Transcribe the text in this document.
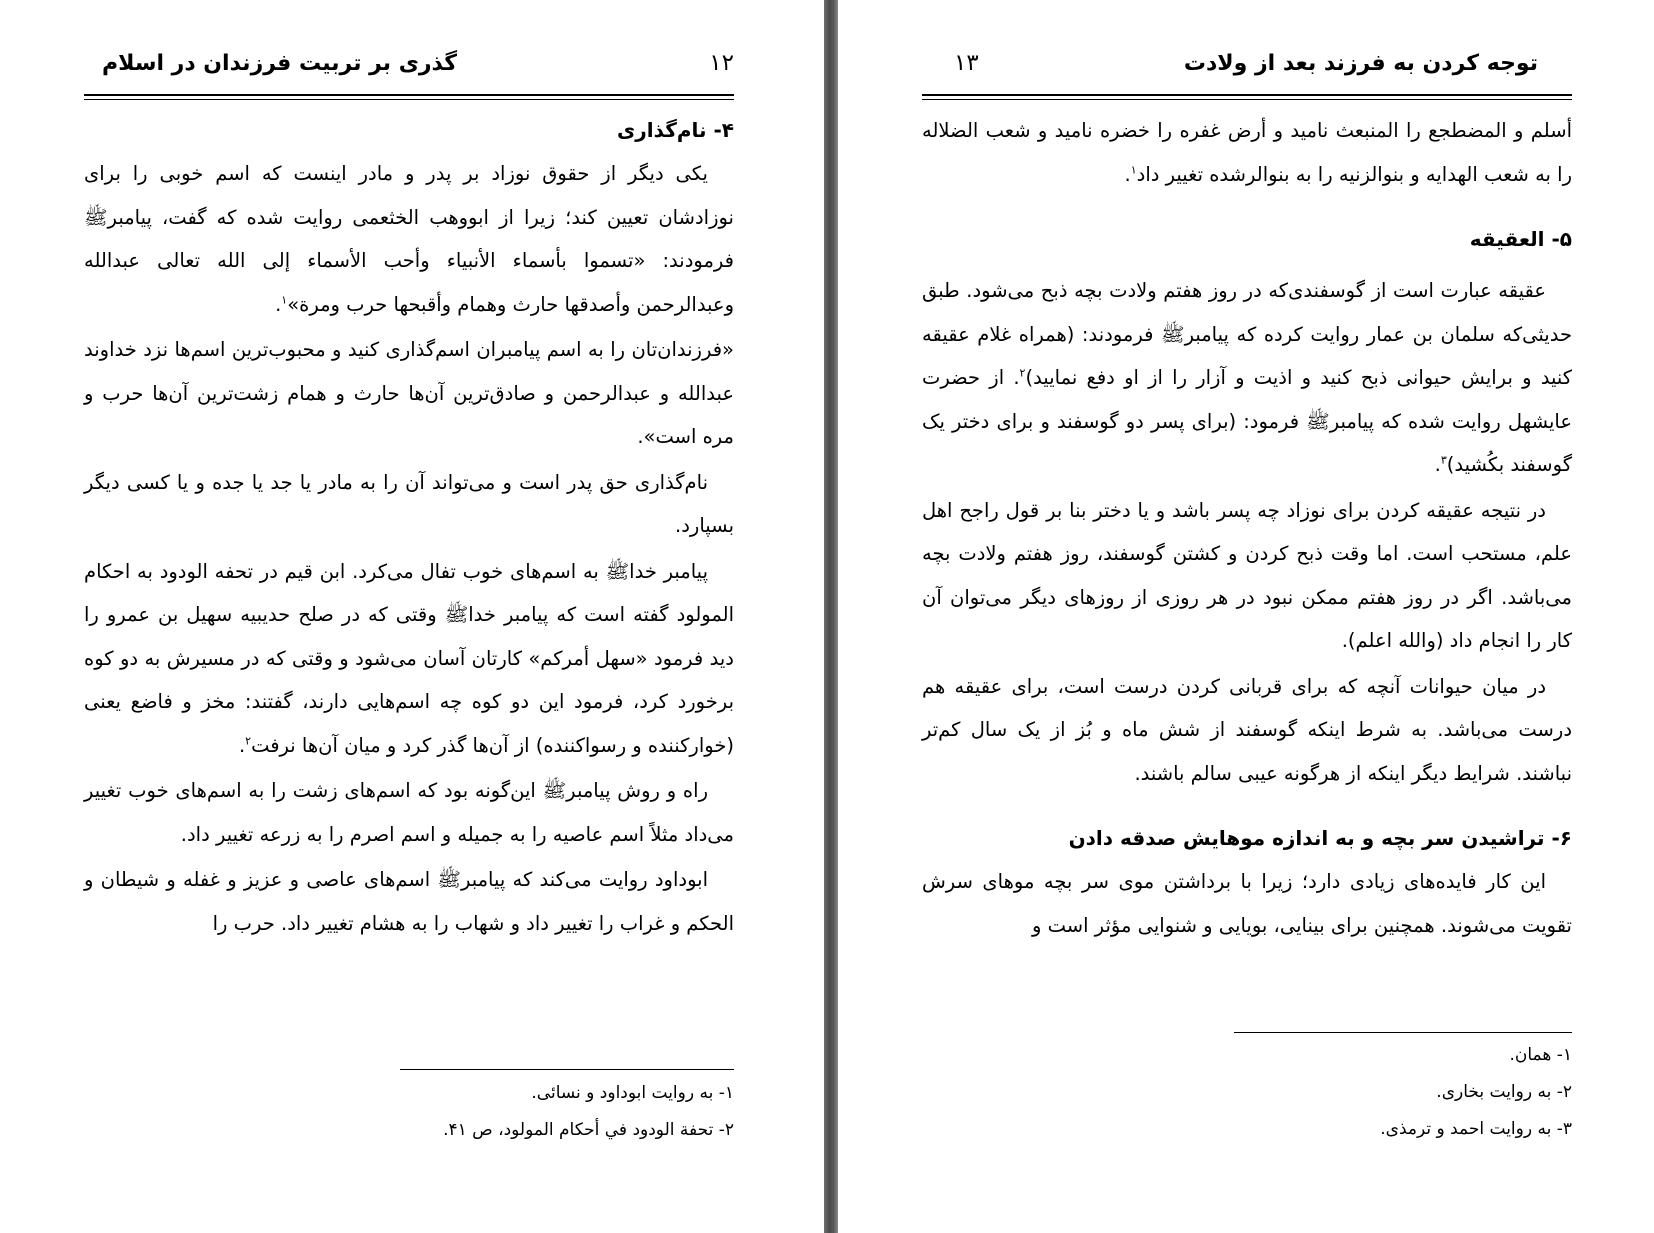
گذری بر تربیت فرزندان در اسلام	١٢
۴- نام‌گذاری

یکی دیگر از حقوق نوزاد بر پدر و مادر اینست که اسم خوبی را برای نوزادشان تعیین کند؛ زیرا از ابووهب الخثعمی روایت شده که گفت، پیامبرﷺ فرمودند: «تسموا بأسماء الأنبياء وأحب الأسماء إلى الله تعالى عبدالله وعبدالرحمن وأصدقها حارث وهمام وأقبحها حرب ومرة»$^١$.

«فرزندان‌تان را به اسم پیامبران اسم‌گذاری کنید و محبوب‌ترین اسم‌ها نزد خداوند عبدالله و عبدالرحمن و صادق‌ترین آن‌ها حارث و همام زشت‌ترین آن‌ها حرب و مره است».

نام‌گذاری حق پدر است و می‌تواند آن را به مادر یا جد یا جده و یا کسی دیگر بسپارد.

پیامبر خداﷺ به اسم‌های خوب تفال می‌کرد. ابن قیم در تحفه الودود به احکام المولود گفته است که پیامبر خداﷺ وقتی که در صلح حدیبیه سهیل بن عمرو را دید فرمود «سهل أمركم» کارتان آسان می‌شود و وقتی که در مسیرش به دو کوه برخورد کرد، فرمود این دو کوه چه اسم‌هایی دارند، گفتند: مخز و فاضع یعنی (خوارکننده و رسواکننده) از آن‌ها گذر کرد و میان آن‌ها نرفت$^٢$.

راه و روش پیامبرﷺ این‌گونه بود که اسم‌های زشت را به اسم‌های خوب تغییر می‌داد مثلاً اسم عاصیه را به جمیله و اسم اصرم را به زرعه تغییر داد.

ابوداود روایت می‌کند که پیامبرﷺ اسم‌های عاصی و عزیز و غفله و شیطان و الحکم و غراب را تغییر داد و شهاب را به هشام تغییر داد. حرب را

١- به روایت ابوداود و نسائی.
٢- تحفة الودود في أحكام المولود، ص ۴١.
١٣	توجه کردن به فرزند بعد از ولادت

أسلم و المضطجع را المنبعث نامید و أرض غفره را خضره نامید و شعب الضلاله را به شعب الهدایه و بنوالزنیه را به بنوالرشده تغییر داد$^١$.

۵- العقیقه

عقیقه عبارت است از گوسفندی‌که در روز هفتم ولادت بچه ذبح می‌شود. طبق حدیثی‌که سلمان بن عمار روایت کرده که پیامبرﷺ فرمودند: (همراه غلام عقیقه کنید و برایش حیوانی ذبح کنید و اذیت و آزار را از او دفع نمایید)$^٢$. از حضرت عایشهل روایت شده که پیامبرﷺ فرمود: (برای پسر دو گوسفند و برای دختر یک گوسفند بکُشید)$^٣$.

در نتیجه عقیقه کردن برای نوزاد چه پسر باشد و یا دختر بنا بر قول راجح اهل علم، مستحب است. اما وقت ذبح کردن و کشتن گوسفند، روز هفتم ولادت بچه می‌باشد. اگر در روز هفتم ممکن نبود در هر روزی از روزهای دیگر می‌توان آن کار را انجام داد (والله اعلم).

در میان حیوانات آنچه که برای قربانی کردن درست است، برای عقیقه هم درست می‌باشد. به شرط اینکه گوسفند از شش ماه و بُز از یک سال کم‌تر نباشند. شرایط دیگر اینکه از هرگونه عیبی سالم باشند.

۶- تراشیدن سر بچه و به اندازه موهایش صدقه دادن

این کار فایده‌های زیادی دارد؛ زیرا با برداشتن موی سر بچه موهای سرش تقویت می‌شوند. همچنین برای بینایی، بویایی و شنوایی مؤثر است و

١- همان.
٢- به روایت بخاری.
٣- به روایت احمد و ترمذی.
